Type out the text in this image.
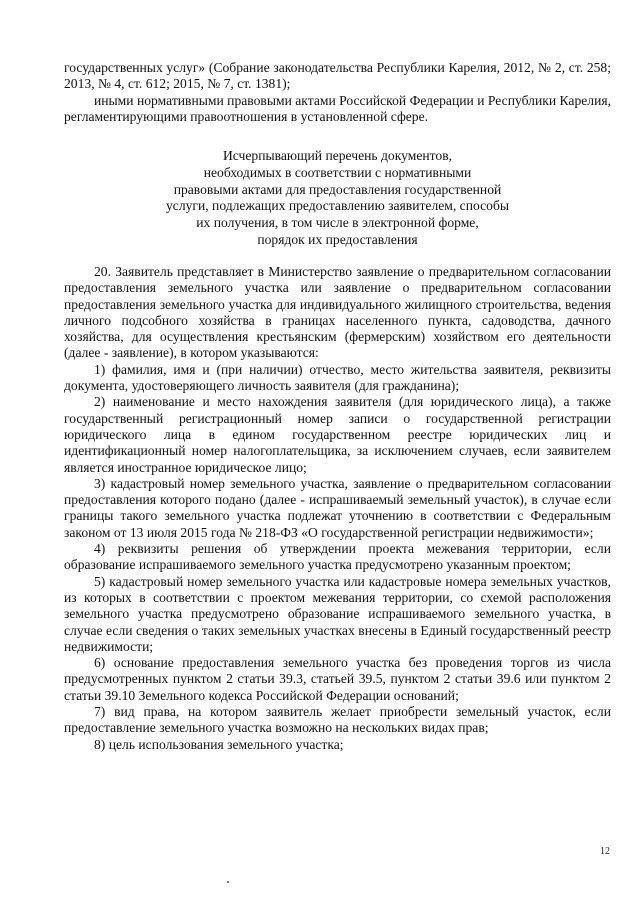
государственных услуг» (Собрание законодательства Республики Карелия, 2012, № 2, ст. 258; 2013, № 4, ст. 612; 2015, № 7, ст. 1381);

иными нормативными правовыми актами Российской Федерации и Республики Карелия, регламентирующими правоотношения в установленной сфере.

Исчерпывающий перечень документов,
необходимых в соответствии с нормативными
правовыми актами для предоставления государственной
услуги, подлежащих предоставлению заявителем, способы
их получения, в том числе в электронной форме,
порядок их предоставления

20. Заявитель представляет в Министерство заявление о предварительном согласовании предоставления земельного участка или заявление о предварительном согласовании предоставления земельного участка для индивидуального жилищного строительства, ведения личного подсобного хозяйства в границах населенного пункта, садоводства, дачного хозяйства, для осуществления крестьянским (фермерским) хозяйством его деятельности (далее - заявление), в котором указываются:

1) фамилия, имя и (при наличии) отчество, место жительства заявителя, реквизиты документа, удостоверяющего личность заявителя (для гражданина);

2) наименование и место нахождения заявителя (для юридического лица), а также государственный регистрационный номер записи о государственной регистрации юридического лица в едином государственном реестре юридических лиц и идентификационный номер налогоплательщика, за исключением случаев, если заявителем является иностранное юридическое лицо;

3) кадастровый номер земельного участка, заявление о предварительном согласовании предоставления которого подано (далее - испрашиваемый земельный участок), в случае если границы такого земельного участка подлежат уточнению в соответствии с Федеральным законом от 13 июля 2015 года № 218-ФЗ «О государственной регистрации недвижимости»;

4) реквизиты решения об утверждении проекта межевания территории, если образование испрашиваемого земельного участка предусмотрено указанным проектом;

5) кадастровый номер земельного участка или кадастровые номера земельных участков, из которых в соответствии с проектом межевания территории, со схемой расположения земельного участка предусмотрено образование испрашиваемого земельного участка, в случае если сведения о таких земельных участках внесены в Единый государственный реестр недвижимости;

6) основание предоставления земельного участка без проведения торгов из числа предусмотренных пунктом 2 статьи 39.3, статьей 39.5, пунктом 2 статьи 39.6 или пунктом 2 статьи 39.10 Земельного кодекса Российской Федерации оснований;

7) вид права, на котором заявитель желает приобрести земельный участок, если предоставление земельного участка возможно на нескольких видах прав;

8) цель использования земельного участка;

12
